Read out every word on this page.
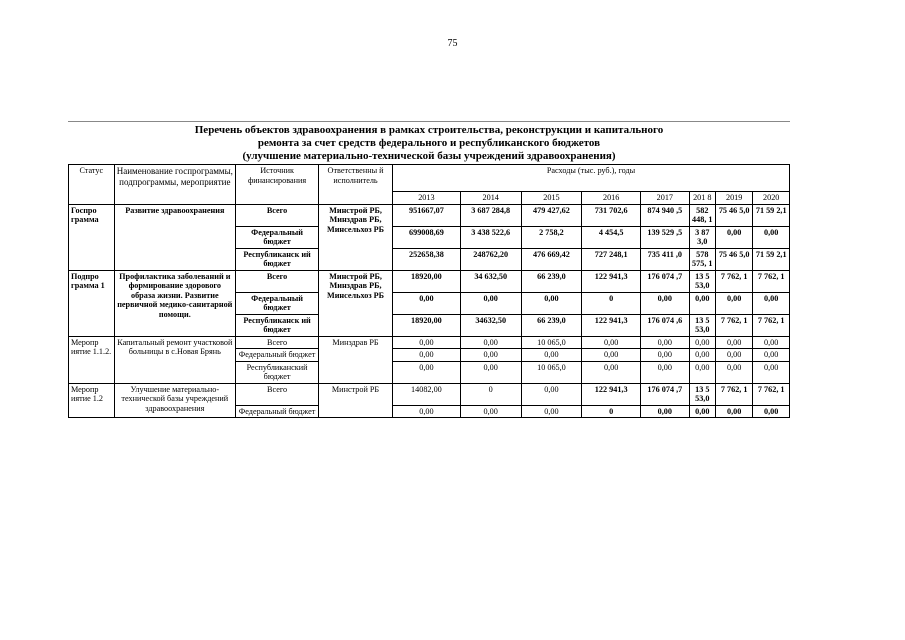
75
Перечень объектов здравоохранения в рамках строительства, реконструкции и капитального
ремонта за счет средств федерального и республиканского бюджетов
(улучшение материально-технической базы учреждений здравоохранения)
Статус	Наименование госпрограммы, подпрограммы, мероприятие	Источник финансирования	Ответственны й исполнитель	Расходы (тыс. руб.), годы							
				2013	2014	2015	2016	2017	201 8	2019	2020
Госпро грамма	Развитие здравоохранения	Всего	Минстрой РБ, Минздрав РБ, Минсельхоз РБ	951667,07	3 687 284,8	479 427,62	731 702,6	874 940 ,5	582 448, 1	75 46 5,0	71 59 2,1
		Федеральный бюджет		699008,69	3 438 522,6	2 758,2	4 454,5	139 529 ,5	3 87 3,0	0,00	0,00
		Республиканск ий бюджет		252658,38	248762,20	476 669,42	727 248,1	735 411 ,0	578 575, 1	75 46 5,0	71 59 2,1
Подпро грамма 1	Профилактика заболеваний и формирование здорового образа жизни. Развитие первичной медико-санитарной помощи.	Всего	Минстрой РБ, Минздрав РБ, Минсельхоз РБ	18920,00	34 632,50	66 239,0	122 941,3	176 074 ,7	13 5 53,0	7 762, 1	7 762, 1
		Федеральный бюджет		0,00	0,00	0,00	0	0,00	0,00	0,00	0,00
		Республиканск ий бюджет		18920,00	34632,50	66 239,0	122 941,3	176 074 ,6	13 5 53,0	7 762, 1	7 762, 1
Меропр иятие 1.1.2.	Капитальный ремонт участковой больницы в с.Новая Брянь	Всего	Минздрав РБ	0,00	0,00	10 065,0	0,00	0,00	0,00	0,00	0,00
		Федеральный бюджет		0,00	0,00	0,00	0,00	0,00	0,00	0,00	0,00
		Республиканский бюджет		0,00	0,00	10 065,0	0,00	0,00	0,00	0,00	0,00
Меропр иятие 1.2	Улучшение материально-технической базы учреждений здравоохранения	Всего	Минстрой РБ	14082,00	0	0,00	122 941,3	176 074 ,7	13 5 53,0	7 762, 1	7 762, 1
		Федеральный бюджет		0,00	0,00	0,00	0	0,00	0,00	0,00	0,00
